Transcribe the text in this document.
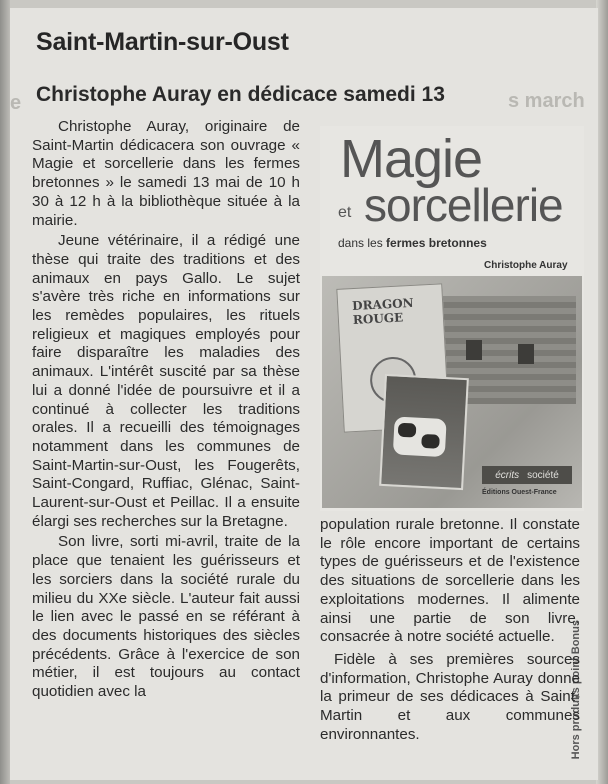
s march
e
Hors produits point Bonus
Saint-Martin-sur-Oust
Christophe Auray en dédicace samedi 13

Christophe Auray, originaire de Saint-Martin dédicacera son ouvrage « Magie et sorcellerie dans les fermes bretonnes » le samedi 13 mai de 10 h 30 à 12 h à la bibliothèque située à la mairie.

Jeune vétérinaire, il a rédigé une thèse qui traite des traditions et des animaux en pays Gallo. Le sujet s'avère très riche en informations sur les remèdes populaires, les rituels religieux et magiques employés pour faire disparaître les maladies des animaux. L'intérêt suscité par sa thèse lui a donné l'idée de poursuivre et il a continué à collecter les traditions orales. Il a recueilli des témoignages notamment dans les communes de Saint-Martin-sur-Oust, les Fougerêts, Saint-Congard, Ruffiac, Glénac, Saint-Laurent-sur-Oust et Peillac. Il a ensuite élargi ses recherches sur la Bretagne.

Son livre, sorti mi-avril, traite de la place que tenaient les guérisseurs et les sorciers dans la société rurale du milieu du XXe siècle. L'auteur fait aussi le lien avec le passé en se référant à des documents historiques des siècles précédents. Grâce à l'exercice de son métier, il est toujours au contact quotidien avec la

Magie
et sorcellerie
dans les fermes bretonnes
Christophe Auray
DRAGON ROUGE
écrits société
Éditions Ouest-France

population rurale bretonne. Il constate le rôle encore important de certains types de guérisseurs et de l'existence des situations de sorcellerie dans les exploitations modernes. Il alimente ainsi une partie de son livre, consacrée à notre société actuelle.

Fidèle à ses premières sources d'information, Christophe Auray donne la primeur de ses dédicaces à Saint-Martin et aux communes environnantes.
